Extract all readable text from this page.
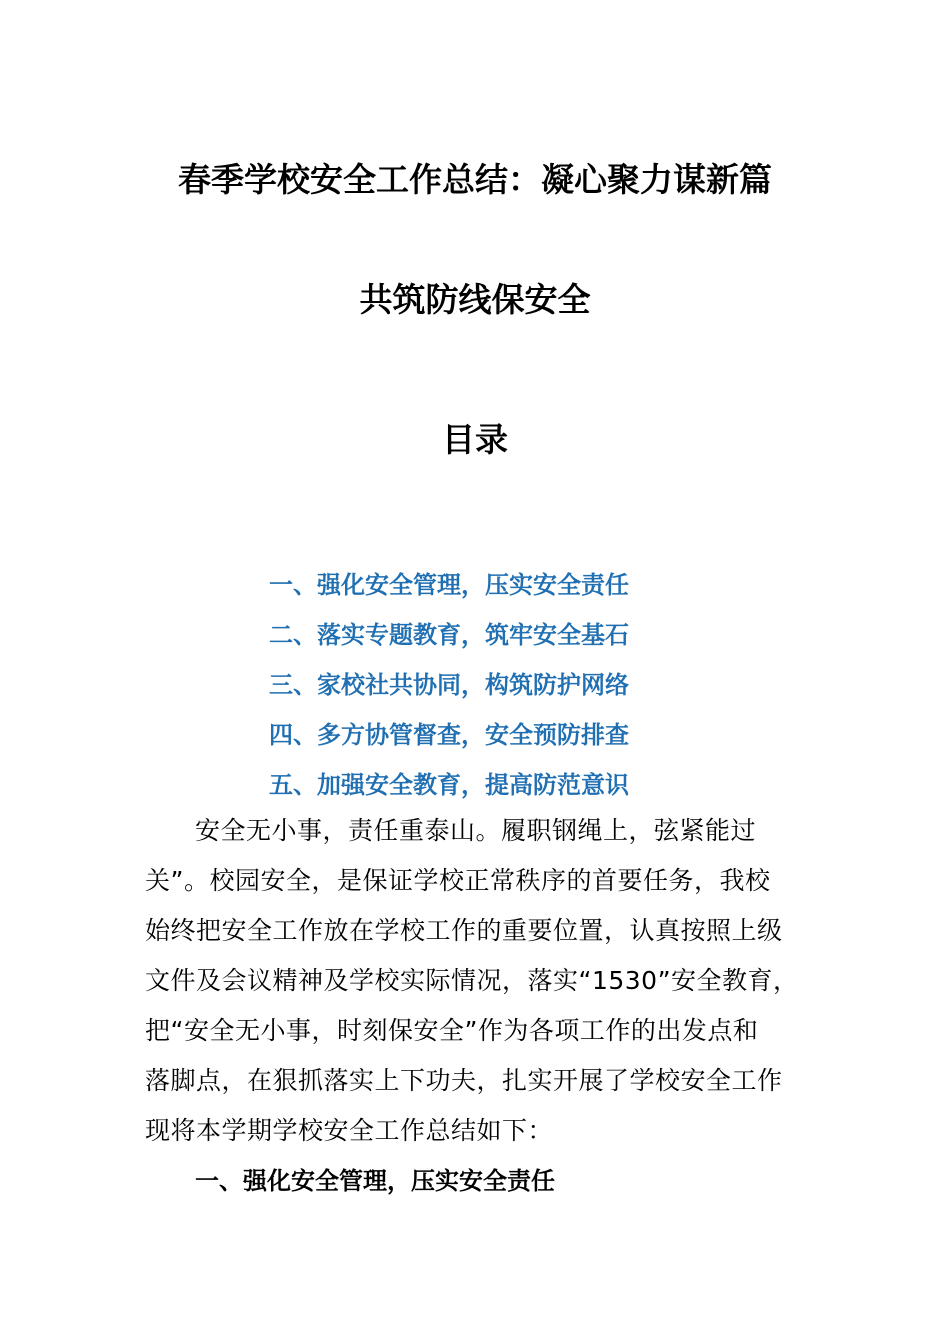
春季学校安全工作总结：凝心聚力谋新篇
共筑防线保安全
目录
一、强化安全管理，压实安全责任
二、落实专题教育，筑牢安全基石
三、家校社共协同，构筑防护网络
四、多方协管督查，安全预防排查
五、加强安全教育，提高防范意识

安全无小事，责任重泰山。履职钢绳上，弦紧能过
关”。校园安全，是保证学校正常秩序的首要任务，我校
始终把安全工作放在学校工作的重要位置，认真按照上级
文件及会议精神及学校实际情况，落实“1530”安全教育，
把“安全无小事，时刻保安全”作为各项工作的出发点和
落脚点，在狠抓落实上下功夫，扎实开展了学校安全工作
现将本学期学校安全工作总结如下：

一、强化安全管理，压实安全责任
